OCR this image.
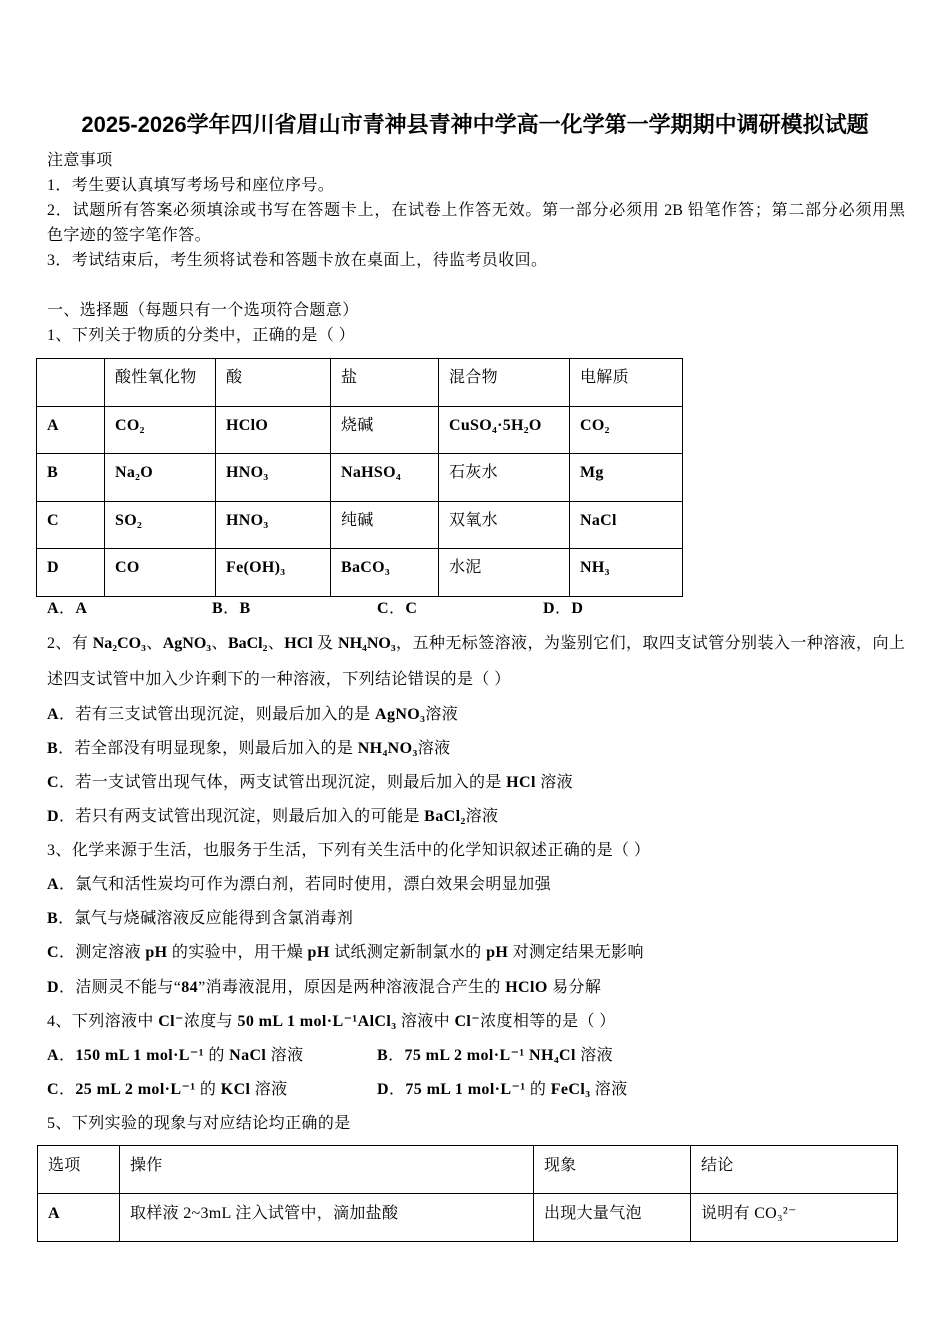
2025-2026学年四川省眉山市青神县青神中学高一化学第一学期期中调研模拟试题
注意事项
1．考生要认真填写考场号和座位序号。
2．试题所有答案必须填涂或书写在答题卡上，在试卷上作答无效。第一部分必须用 2B 铅笔作答；第二部分必须用黑
色字迹的签字笔作答。
3．考试结束后，考生须将试卷和答题卡放在桌面上，待监考员收回。
一、选择题（每题只有一个选项符合题意）
1、下列关于物质的分类中，正确的是（ ）
	酸性氧化物	酸	盐	混合物	电解质
A	CO₂	HClO	烧碱	CuSO₄·5H₂O	CO₂
B	Na₂O	HNO₃	NaHSO₄	石灰水	Mg
C	SO₂	HNO₃	纯碱	双氧水	NaCl
D	CO	Fe(OH)₃	BaCO₃	水泥	NH₃
A．A	B．B	C．C	D．D
2、有 Na₂CO₃、AgNO₃、BaCl₂、HCl 及 NH₄NO₃，五种无标签溶液，为鉴别它们，取四支试管分别装入一种溶液，向上
述四支试管中加入少许剩下的一种溶液，下列结论错误的是（ ）
A．若有三支试管出现沉淀，则最后加入的是 AgNO₃溶液
B．若全部没有明显现象，则最后加入的是 NH₄NO₃溶液
C．若一支试管出现气体，两支试管出现沉淀，则最后加入的是 HCl 溶液
D．若只有两支试管出现沉淀，则最后加入的可能是 BaCl₂溶液
3、化学来源于生活，也服务于生活，下列有关生活中的化学知识叙述正确的是（ ）
A．氯气和活性炭均可作为漂白剂，若同时使用，漂白效果会明显加强
B．氯气与烧碱溶液反应能得到含氯消毒剂
C．测定溶液 pH 的实验中，用干燥 pH 试纸测定新制氯水的 pH 对测定结果无影响
D．洁厕灵不能与“84”消毒液混用，原因是两种溶液混合产生的 HClO 易分解
4、下列溶液中 Cl⁻浓度与 50 mL 1 mol·L⁻¹AlCl₃ 溶液中 Cl⁻浓度相等的是（ ）
A．150 mL 1 mol·L⁻¹ 的 NaCl 溶液	B．75 mL 2 mol·L⁻¹ NH₄Cl 溶液
C．25 mL 2 mol·L⁻¹ 的 KCl 溶液	D．75 mL 1 mol·L⁻¹ 的 FeCl₃ 溶液
5、下列实验的现象与对应结论均正确的是
选项	操作	现象	结论
A	取样液 2~3mL 注入试管中，滴加盐酸	出现大量气泡	说明有 CO₃²⁻
